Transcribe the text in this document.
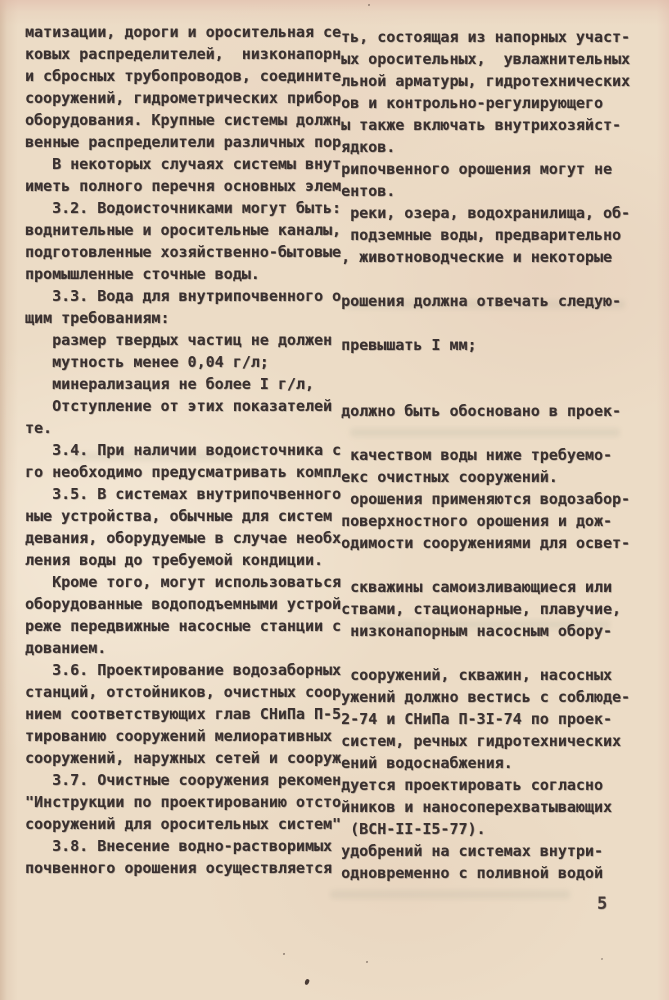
матизации, дороги и оросительная сеть, состоящая из напорных участ-
ковых распределителей,  низконапорных оросительных,  увлажнительных
и сбросных трубопроводов, соединительной арматуры, гидротехнических
сооружений, гидрометрических приборов и контрольно-регулирующего
оборудования. Крупные системы должны также включать внутрихозяйст-
венные распределители различных порядков.
В некоторых случаях системы внутрипочвенного орошения могут не
иметь полного перечня основных элементов.
3.2. Водоисточниками могут быть: реки, озера, водохранилища, об-
воднительные и оросительные каналы, подземные воды, предварительно
подготовленные хозяйственно-бытовые, животноводческие и некоторые
промышленные сточные воды.
3.3. Вода для внутрипочвенного орошения должна отвечать следую-
щим требованиям:
размер твердых частиц не должен превышать I мм;
мутность менее 0,04 г/л;
минерализация не более I г/л,
Отступление от этих показателей должно быть обосновано в проек-
те.
3.4. При наличии водоисточника с качеством воды ниже требуемо-
го необходимо предусматривать комплекс очистных сооружений.
3.5. В системах внутрипочвенного орошения применяются водозабор-
ные устройства, обычные для систем поверхностного орошения и дож-
девания, оборудуемые в случае необходимости сооружениями для освет-
ления воды до требуемой кондиции.
Кроме того, могут использоваться скважины самоизливающиеся или
оборудованные водоподъемными устройствами, стационарные, плавучие,
реже передвижные насосные станции с низконапорным насосным обору-
дованием.
3.6. Проектирование водозаборных сооружений, скважин, насосных
станций, отстойников, очистных сооружений должно вестись с соблюде-
нием соответствующих глав СНиПа П-52-74 и СНиПа П-3I-74 по проек-
тированию сооружений мелиоративных систем, речных гидротехнических
сооружений, наружных сетей и сооружений водоснабжения.
3.7. Очистные сооружения рекомендуется проектировать согласно
"Инструкции по проектированию отстойников и наносоперехватывающих
сооружений для оросительных систем" (ВСН-II-I5-77).
3.8. Внесение водно-растворимых удобрений на системах внутри-
почвенного орошения осуществляется одновременно с поливной водой
5
